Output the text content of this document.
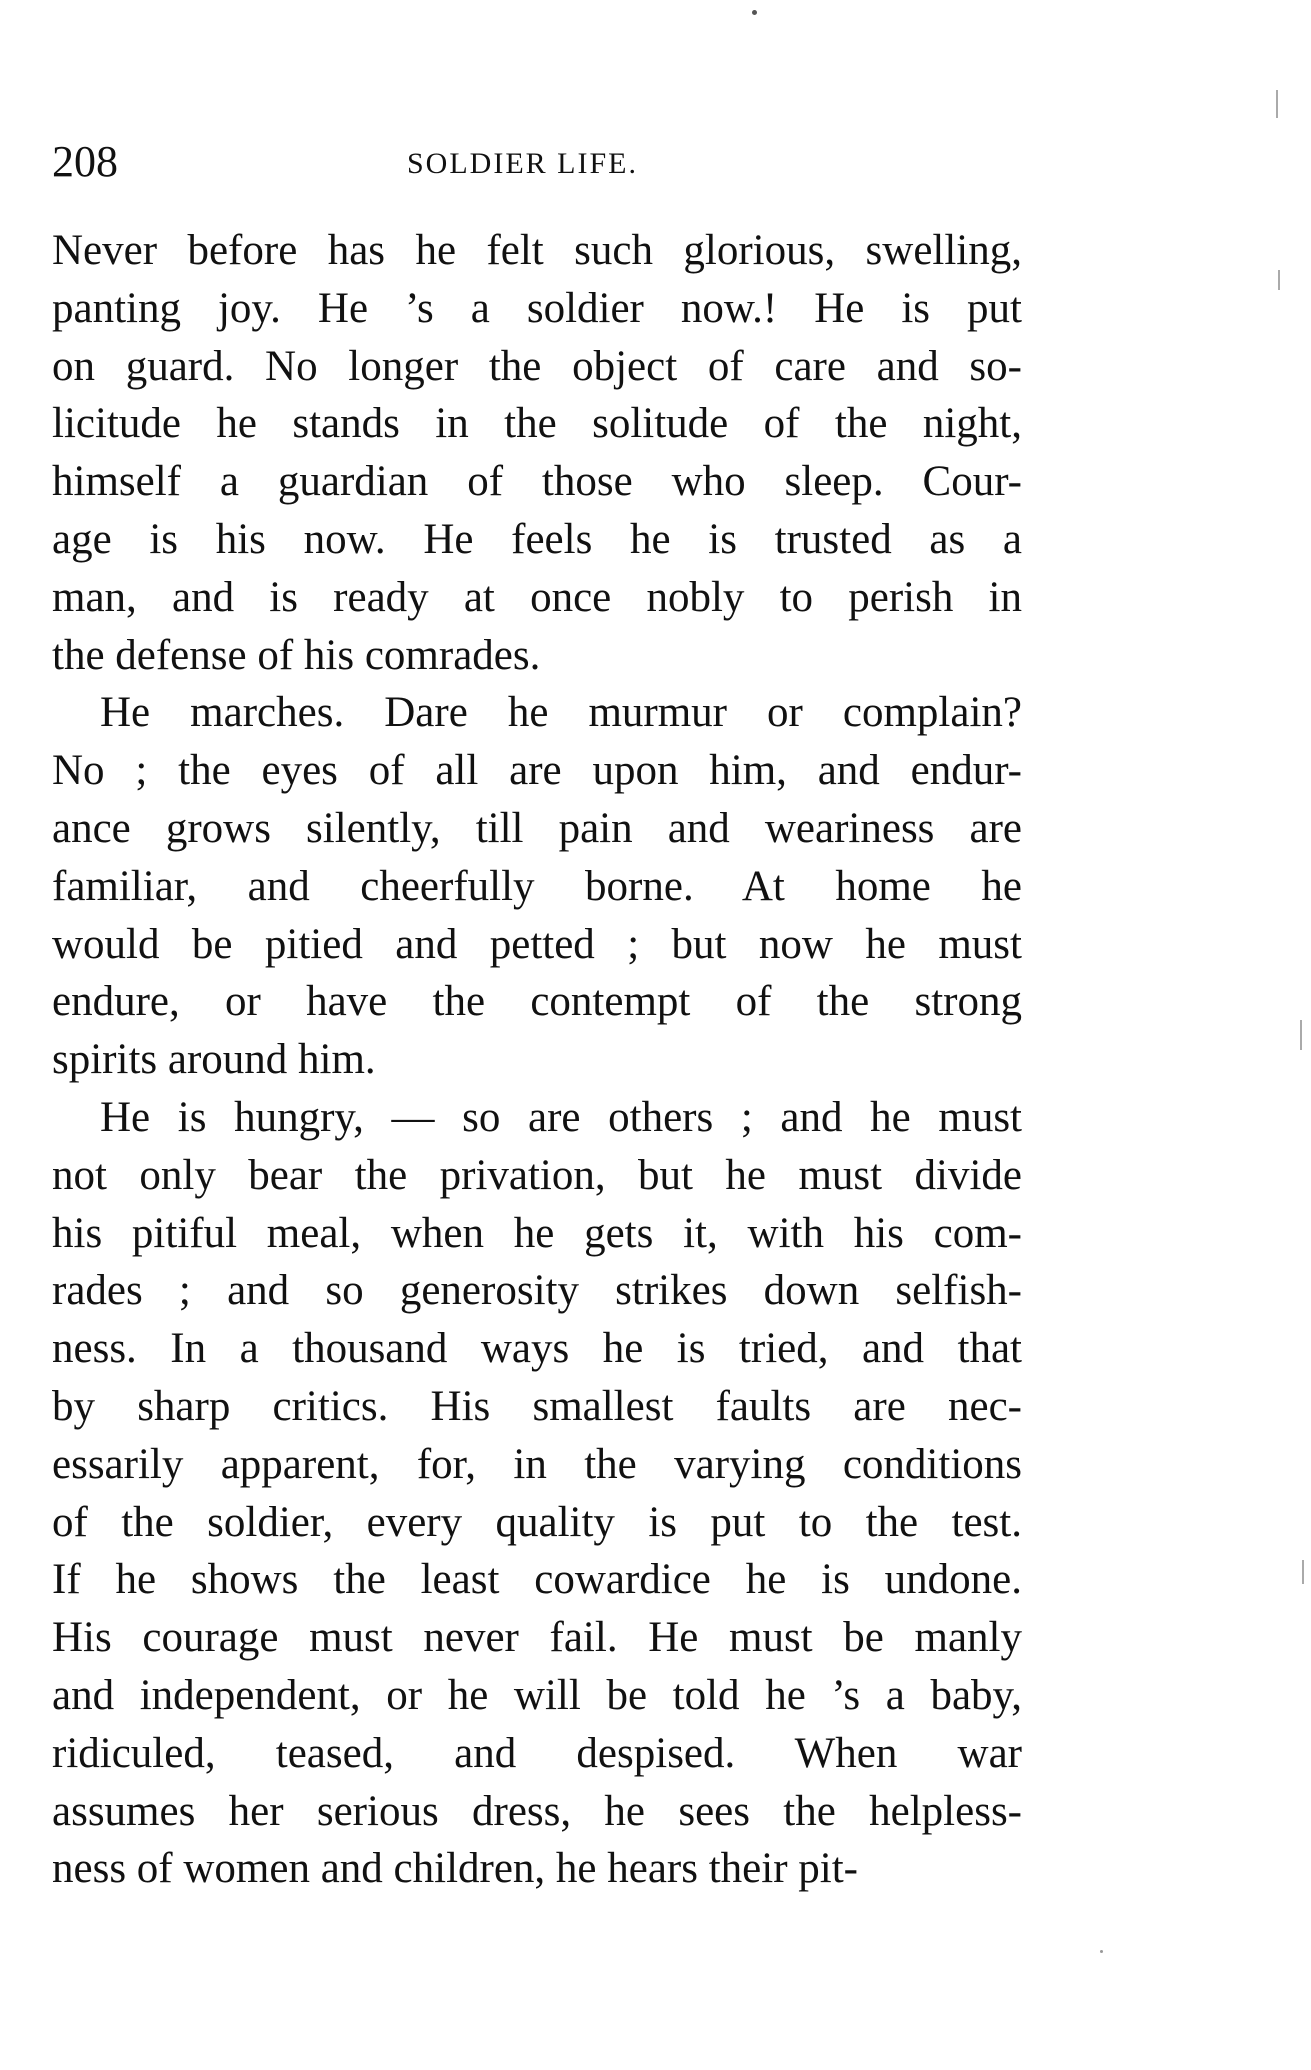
208	SOLDIER LIFE.
Never before has he felt such glorious, swelling,
panting joy. He ’s a soldier now.! He is put
on guard. No longer the object of care and so-
licitude he stands in the solitude of the night,
himself a guardian of those who sleep. Cour-
age is his now. He feels he is trusted as a
man, and is ready at once nobly to perish in
the defense of his comrades.
He marches. Dare he murmur or complain?
No ; the eyes of all are upon him, and endur-
ance grows silently, till pain and weariness are
familiar, and cheerfully borne. At home he
would be pitied and petted ; but now he must
endure, or have the contempt of the strong
spirits around him.
He is hungry, — so are others ; and he must
not only bear the privation, but he must divide
his pitiful meal, when he gets it, with his com-
rades ; and so generosity strikes down selfish-
ness. In a thousand ways he is tried, and that
by sharp critics. His smallest faults are nec-
essarily apparent, for, in the varying conditions
of the soldier, every quality is put to the test.
If he shows the least cowardice he is undone.
His courage must never fail. He must be manly
and independent, or he will be told he ’s a baby,
ridiculed, teased, and despised. When war
assumes her serious dress, he sees the helpless-
ness of women and children, he hears their pit-
